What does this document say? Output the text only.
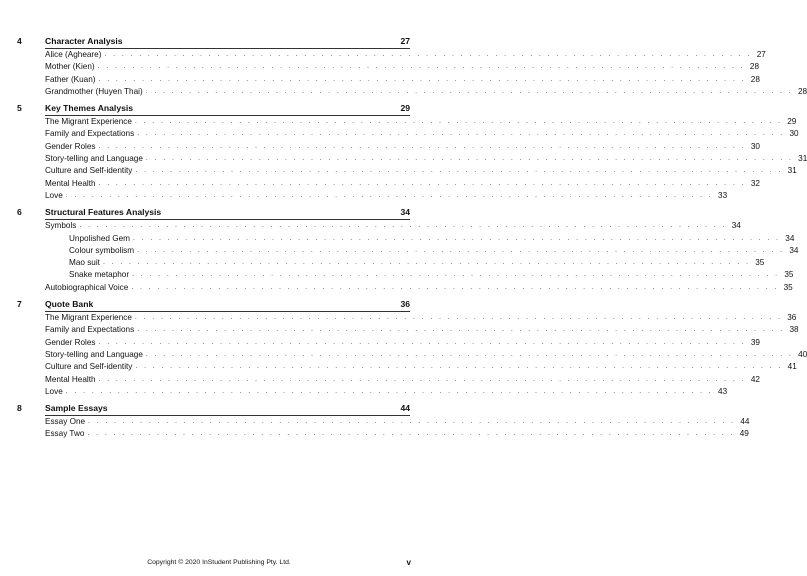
4	Character Analysis	27
Alice (Agheare) . . . . . . . . . . . . . . . . . . . . . . . . . . . . . . . . . . . . . . . . . . . . . . . . . . . . . . . . . . . . . . . . . . . . . . . . . . . 27
Mother (Kien) . . . . . . . . . . . . . . . . . . . . . . . . . . . . . . . . . . . . . . . . . . . . . . . . . . . . . . . . . . . . . . . . . . . . . . . . . . . 28
Father (Kuan) . . . . . . . . . . . . . . . . . . . . . . . . . . . . . . . . . . . . . . . . . . . . . . . . . . . . . . . . . . . . . . . . . . . . . . . . . . . 28
Grandmother (Huyen Thai) . . . . . . . . . . . . . . . . . . . . . . . . . . . . . . . . . . . . . . . . . . . . . . . . . . . . . . . . . . . . . . . . . . . . . . . . . . . 28
5	Key Themes Analysis	29
The Migrant Experience . . . . . . . . . . . . . . . . . . . . . . . . . . . . . . . . . . . . . . . . . . . . . . . . . . . . . . . . . . . . . . . . . . . . . . . . . . . 29
Family and Expectations . . . . . . . . . . . . . . . . . . . . . . . . . . . . . . . . . . . . . . . . . . . . . . . . . . . . . . . . . . . . . . . . . . . . . . . . . . . 30
Gender Roles . . . . . . . . . . . . . . . . . . . . . . . . . . . . . . . . . . . . . . . . . . . . . . . . . . . . . . . . . . . . . . . . . . . . . . . . . . . 30
Story-telling and Language . . . . . . . . . . . . . . . . . . . . . . . . . . . . . . . . . . . . . . . . . . . . . . . . . . . . . . . . . . . . . . . . . . . . . . . . . . . 31
Culture and Self-identity . . . . . . . . . . . . . . . . . . . . . . . . . . . . . . . . . . . . . . . . . . . . . . . . . . . . . . . . . . . . . . . . . . . . . . . . . . . 31
Mental Health . . . . . . . . . . . . . . . . . . . . . . . . . . . . . . . . . . . . . . . . . . . . . . . . . . . . . . . . . . . . . . . . . . . . . . . . . . . 32
Love . . . . . . . . . . . . . . . . . . . . . . . . . . . . . . . . . . . . . . . . . . . . . . . . . . . . . . . . . . . . . . . . . . . . . . . . . . . 33
6	Structural Features Analysis	34
Symbols . . . . . . . . . . . . . . . . . . . . . . . . . . . . . . . . . . . . . . . . . . . . . . . . . . . . . . . . . . . . . . . . . . . . . . . . . . . 34
Unpolished Gem . . . . . . . . . . . . . . . . . . . . . . . . . . . . . . . . . . . . . . . . . . . . . . . . . . . . . . . . . . . . . . . . . . . . . . . . . . . 34
Colour symbolism . . . . . . . . . . . . . . . . . . . . . . . . . . . . . . . . . . . . . . . . . . . . . . . . . . . . . . . . . . . . . . . . . . . . . . . . . . . 34
Mao suit . . . . . . . . . . . . . . . . . . . . . . . . . . . . . . . . . . . . . . . . . . . . . . . . . . . . . . . . . . . . . . . . . . . . . . . . . . . 35
Snake metaphor . . . . . . . . . . . . . . . . . . . . . . . . . . . . . . . . . . . . . . . . . . . . . . . . . . . . . . . . . . . . . . . . . . . . . . . . . . . 35
Autobiographical Voice . . . . . . . . . . . . . . . . . . . . . . . . . . . . . . . . . . . . . . . . . . . . . . . . . . . . . . . . . . . . . . . . . . . . . . . . . . . 35
7	Quote Bank	36
The Migrant Experience . . . . . . . . . . . . . . . . . . . . . . . . . . . . . . . . . . . . . . . . . . . . . . . . . . . . . . . . . . . . . . . . . . . . . . . . . . . 36
Family and Expectations . . . . . . . . . . . . . . . . . . . . . . . . . . . . . . . . . . . . . . . . . . . . . . . . . . . . . . . . . . . . . . . . . . . . . . . . . . . 38
Gender Roles . . . . . . . . . . . . . . . . . . . . . . . . . . . . . . . . . . . . . . . . . . . . . . . . . . . . . . . . . . . . . . . . . . . . . . . . . . . 39
Story-telling and Language . . . . . . . . . . . . . . . . . . . . . . . . . . . . . . . . . . . . . . . . . . . . . . . . . . . . . . . . . . . . . . . . . . . . . . . . . . . 40
Culture and Self-identity . . . . . . . . . . . . . . . . . . . . . . . . . . . . . . . . . . . . . . . . . . . . . . . . . . . . . . . . . . . . . . . . . . . . . . . . . . . 41
Mental Health . . . . . . . . . . . . . . . . . . . . . . . . . . . . . . . . . . . . . . . . . . . . . . . . . . . . . . . . . . . . . . . . . . . . . . . . . . . 42
Love . . . . . . . . . . . . . . . . . . . . . . . . . . . . . . . . . . . . . . . . . . . . . . . . . . . . . . . . . . . . . . . . . . . . . . . . . . . 43
8	Sample Essays	44
Essay One . . . . . . . . . . . . . . . . . . . . . . . . . . . . . . . . . . . . . . . . . . . . . . . . . . . . . . . . . . . . . . . . . . . . . . . . . . . 44
Essay Two . . . . . . . . . . . . . . . . . . . . . . . . . . . . . . . . . . . . . . . . . . . . . . . . . . . . . . . . . . . . . . . . . . . . . . . . . . . 49
Copyright © 2020 InStudent Publishing Pty. Ltd.	v
